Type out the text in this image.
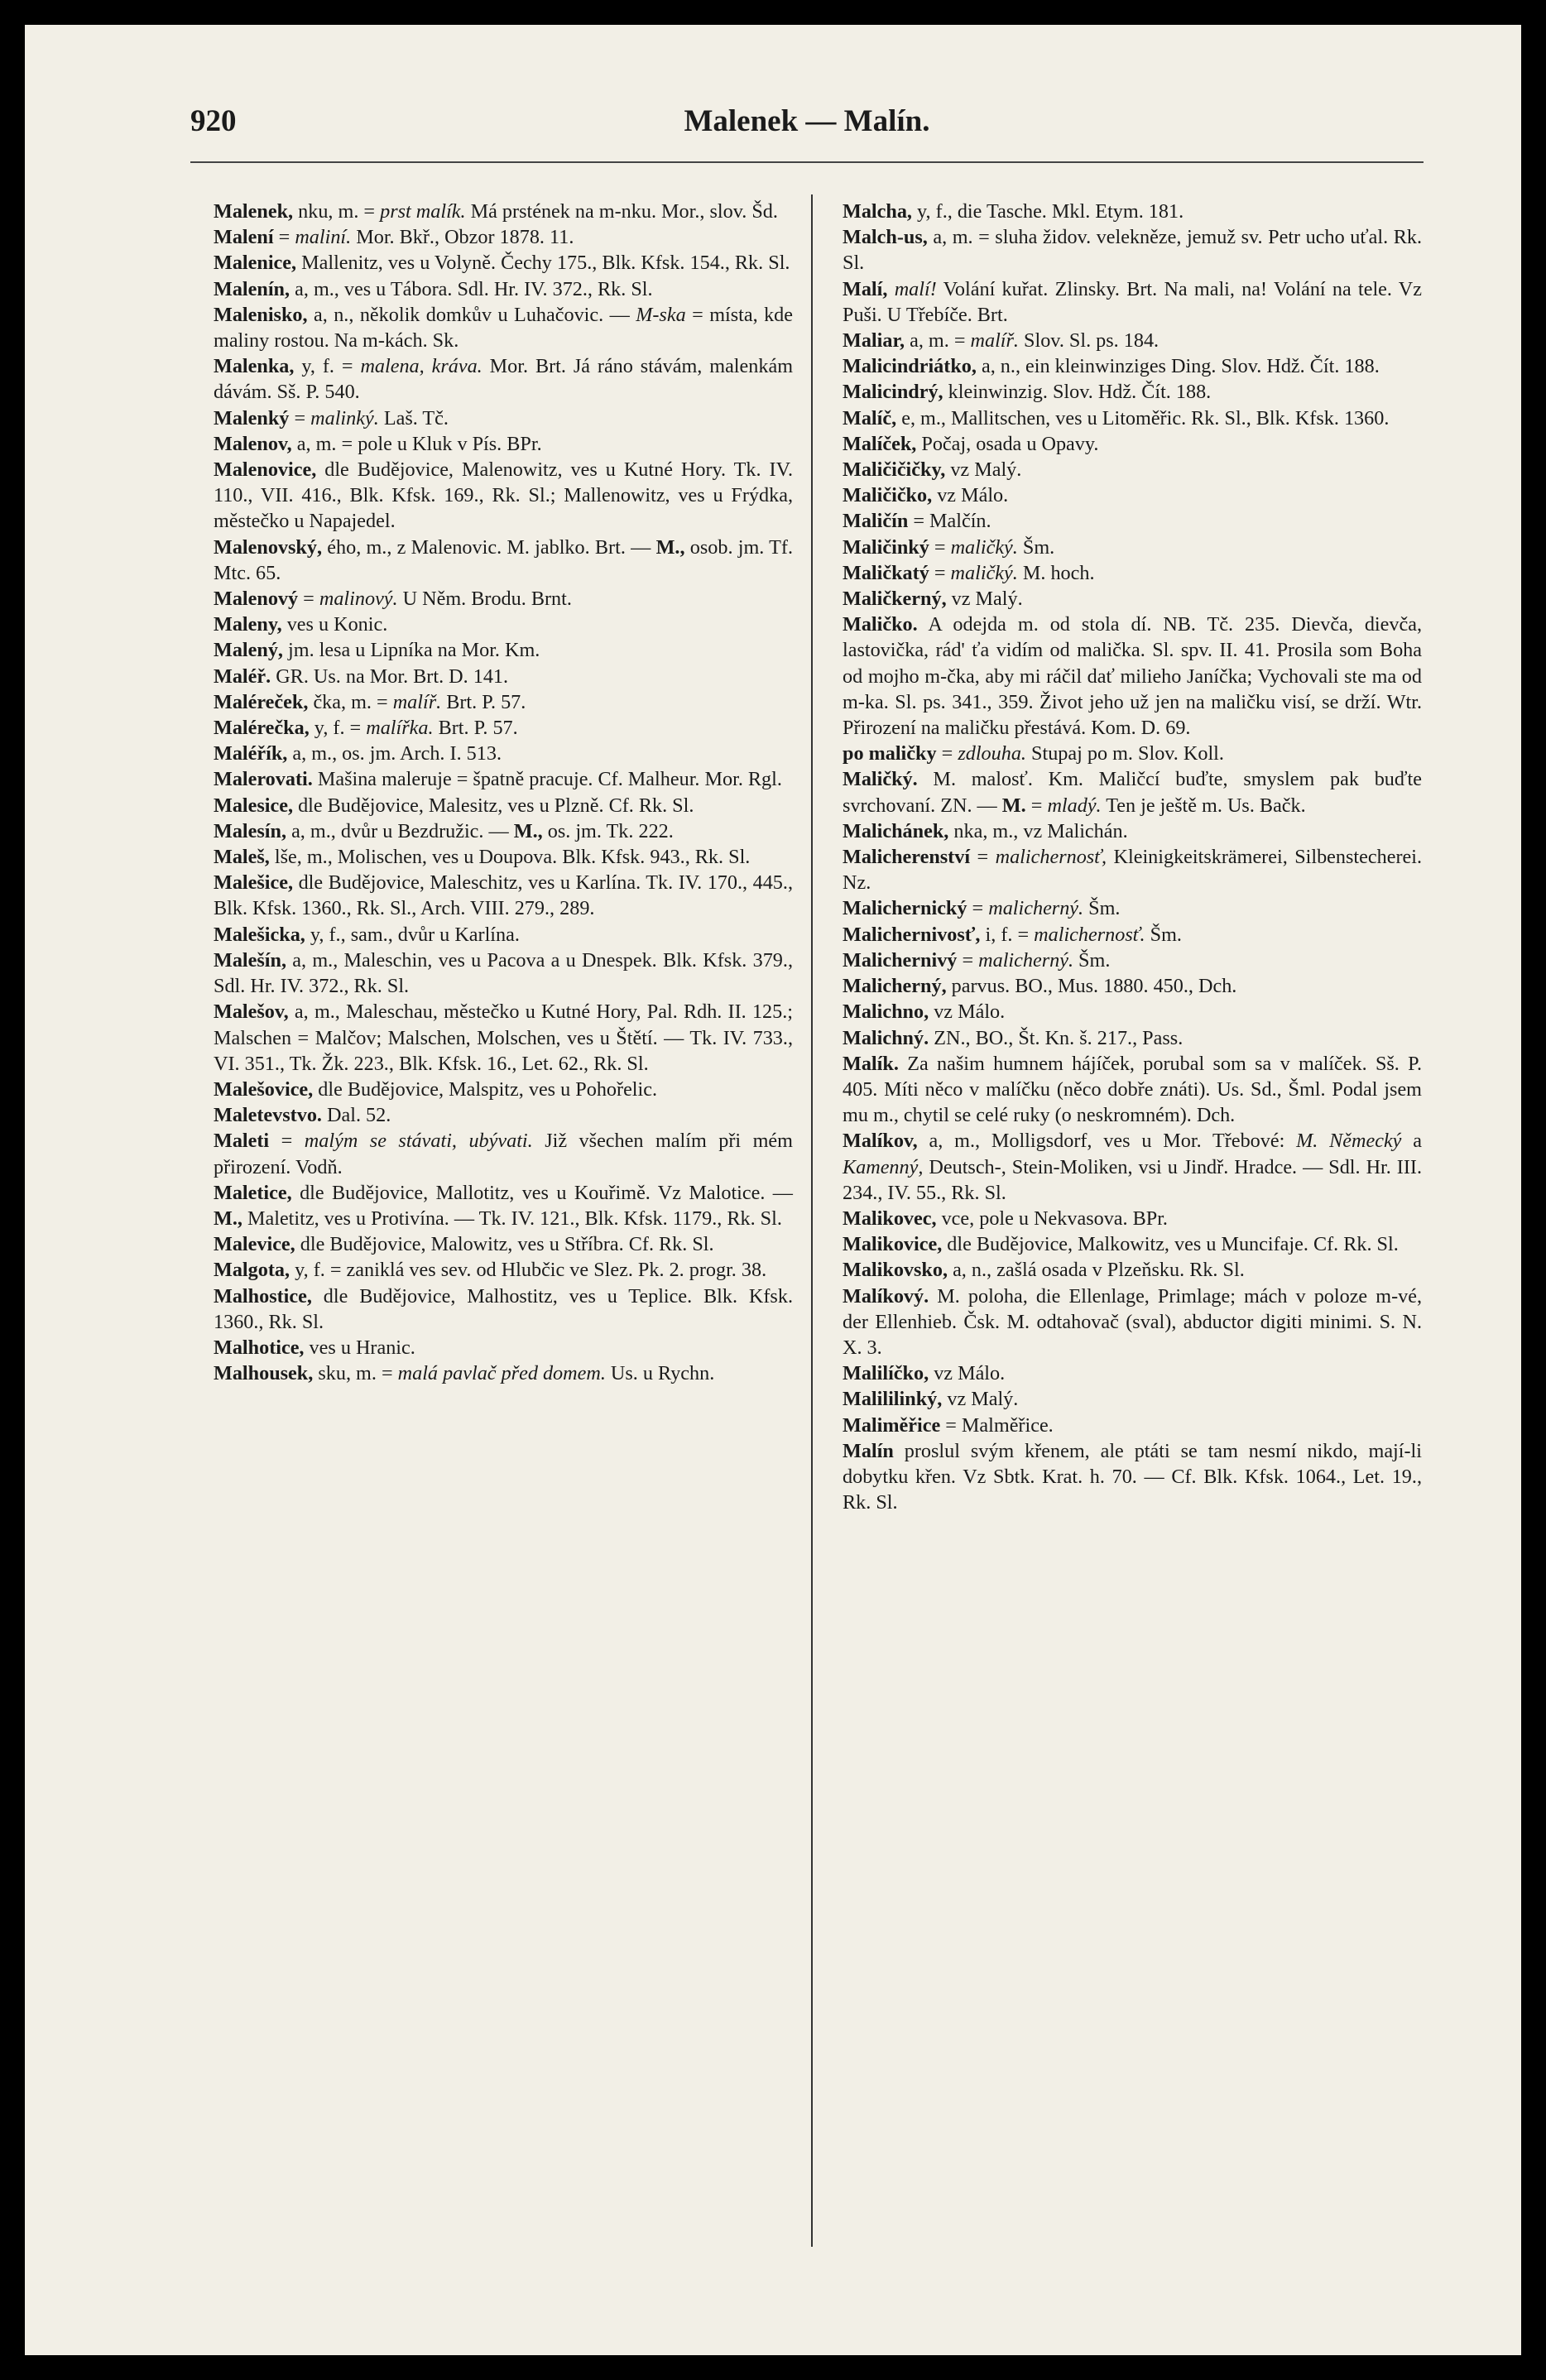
920	Malenek — Malín.

Malenek, nku, m. = prst malík. Má prstének na m-nku. Mor., slov. Šd.

Malení = maliní. Mor. Bkř., Obzor 1878. 11.

Malenice, Mallenitz, ves u Volyně. Čechy 175., Blk. Kfsk. 154., Rk. Sl.

Malenín, a, m., ves u Tábora. Sdl. Hr. IV. 372., Rk. Sl.

Malenisko, a, n., několik domkův u Luhačovic. — M-ska = místa, kde maliny rostou. Na m-kách. Sk.

Malenka, y, f. = malena, kráva. Mor. Brt. Já ráno stávám, malenkám dávám. Sš. P. 540.

Malenký = malinký. Laš. Tč.

Malenov, a, m. = pole u Kluk v Pís. BPr.

Malenovice, dle Budějovice, Malenowitz, ves u Kutné Hory. Tk. IV. 110., VII. 416., Blk. Kfsk. 169., Rk. Sl.; Mallenowitz, ves u Frýdka, městečko u Napajedel.

Malenovský, ého, m., z Malenovic. M. jablko. Brt. — M., osob. jm. Tf. Mtc. 65.

Malenový = malinový. U Něm. Brodu. Brnt.

Maleny, ves u Konic.

Malený, jm. lesa u Lipníka na Mor. Km.

Maléř. GR. Us. na Mor. Brt. D. 141.

Maléreček, čka, m. = malíř. Brt. P. 57.

Malérečka, y, f. = malířka. Brt. P. 57.

Maléřík, a, m., os. jm. Arch. I. 513.

Malerovati. Mašina maleruje = špatně pracuje. Cf. Malheur. Mor. Rgl.

Malesice, dle Budějovice, Malesitz, ves u Plzně. Cf. Rk. Sl.

Malesín, a, m., dvůr u Bezdružic. — M., os. jm. Tk. 222.

Maleš, lše, m., Molischen, ves u Doupova. Blk. Kfsk. 943., Rk. Sl.

Malešice, dle Budějovice, Maleschitz, ves u Karlína. Tk. IV. 170., 445., Blk. Kfsk. 1360., Rk. Sl., Arch. VIII. 279., 289.

Malešicka, y, f., sam., dvůr u Karlína.

Malešín, a, m., Maleschin, ves u Pacova a u Dnespek. Blk. Kfsk. 379., Sdl. Hr. IV. 372., Rk. Sl.

Malešov, a, m., Maleschau, městečko u Kutné Hory, Pal. Rdh. II. 125.; Malschen = Malčov; Malschen, Molschen, ves u Štětí. — Tk. IV. 733., VI. 351., Tk. Žk. 223., Blk. Kfsk. 16., Let. 62., Rk. Sl.

Malešovice, dle Budějovice, Malspitz, ves u Pohořelic.

Maletevstvo. Dal. 52.

Maleti = malým se stávati, ubývati. Již všechen malím při mém přirození. Vodň.

Maletice, dle Budějovice, Mallotitz, ves u Kouřimě. Vz Malotice. — M., Maletitz, ves u Protivína. — Tk. IV. 121., Blk. Kfsk. 1179., Rk. Sl.

Malevice, dle Budějovice, Malowitz, ves u Stříbra. Cf. Rk. Sl.

Malgota, y, f. = zaniklá ves sev. od Hlubčic ve Slez. Pk. 2. progr. 38.

Malhostice, dle Budějovice, Malhostitz, ves u Teplice. Blk. Kfsk. 1360., Rk. Sl.

Malhotice, ves u Hranic.

Malhousek, sku, m. = malá pavlač před domem. Us. u Rychn.

Malcha, y, f., die Tasche. Mkl. Etym. 181.

Malch-us, a, m. = sluha židov. velekněze, jemuž sv. Petr ucho uťal. Rk. Sl.

Malí, malí! Volání kuřat. Zlinsky. Brt. Na mali, na! Volání na tele. Vz Puši. U Třebíče. Brt.

Maliar, a, m. = malíř. Slov. Sl. ps. 184.

Malicindriátko, a, n., ein kleinwinziges Ding. Slov. Hdž. Čít. 188.

Malicindrý, kleinwinzig. Slov. Hdž. Čít. 188.

Malíč, e, m., Mallitschen, ves u Litoměřic. Rk. Sl., Blk. Kfsk. 1360.

Malíček, Počaj, osada u Opavy.

Maličičičky, vz Malý.

Maličičko, vz Málo.

Maličín = Malčín.

Maličinký = maličký. Šm.

Maličkatý = maličký. M. hoch.

Maličkerný, vz Malý.

Maličko. A odejda m. od stola dí. NB. Tč. 235. Dievča, dievča, lastovička, rád' ťa vidím od malička. Sl. spv. II. 41. Prosila som Boha od mojho m-čka, aby mi ráčil dať milieho Janíčka; Vychovali ste ma od m-ka. Sl. ps. 341., 359. Život jeho už jen na maličku visí, se drží. Wtr. Přirození na maličku přestává. Kom. D. 69.

po maličky = zdlouha. Stupaj po m. Slov. Koll.

Maličký. M. malosť. Km. Maličcí buďte, smyslem pak buďte svrchovaní. ZN. — M. = mladý. Ten je ještě m. Us. Bačk.

Malichánek, nka, m., vz Malichán.

Malicherenství = malichernosť, Kleinigkeitskrämerei, Silbenstecherei. Nz.

Malichernický = malicherný. Šm.

Malichernivosť, i, f. = malichernosť. Šm.

Malichernivý = malicherný. Šm.

Malicherný, parvus. BO., Mus. 1880. 450., Dch.

Malichno, vz Málo.

Malichný. ZN., BO., Št. Kn. š. 217., Pass.

Malík. Za našim humnem hájíček, porubal som sa v malíček. Sš. P. 405. Míti něco v malíčku (něco dobře znáti). Us. Sd., Šml. Podal jsem mu m., chytil se celé ruky (o neskromném). Dch.

Malíkov, a, m., Molligsdorf, ves u Mor. Třebové: M. Německý a Kamenný, Deutsch-, Stein-Moliken, vsi u Jindř. Hradce. — Sdl. Hr. III. 234., IV. 55., Rk. Sl.

Malikovec, vce, pole u Nekvasova. BPr.

Malikovice, dle Budějovice, Malkowitz, ves u Muncifaje. Cf. Rk. Sl.

Malikovsko, a, n., zašlá osada v Plzeňsku. Rk. Sl.

Malíkový. M. poloha, die Ellenlage, Primlage; mách v poloze m-vé, der Ellenhieb. Čsk. M. odtahovač (sval), abductor digiti minimi. S. N. X. 3.

Malilíčko, vz Málo.

Malililinký, vz Malý.

Maliměřice = Malměřice.

Malín proslul svým křenem, ale ptáti se tam nesmí nikdo, mají-li dobytku křen. Vz Sbtk. Krat. h. 70. — Cf. Blk. Kfsk. 1064., Let. 19., Rk. Sl.
